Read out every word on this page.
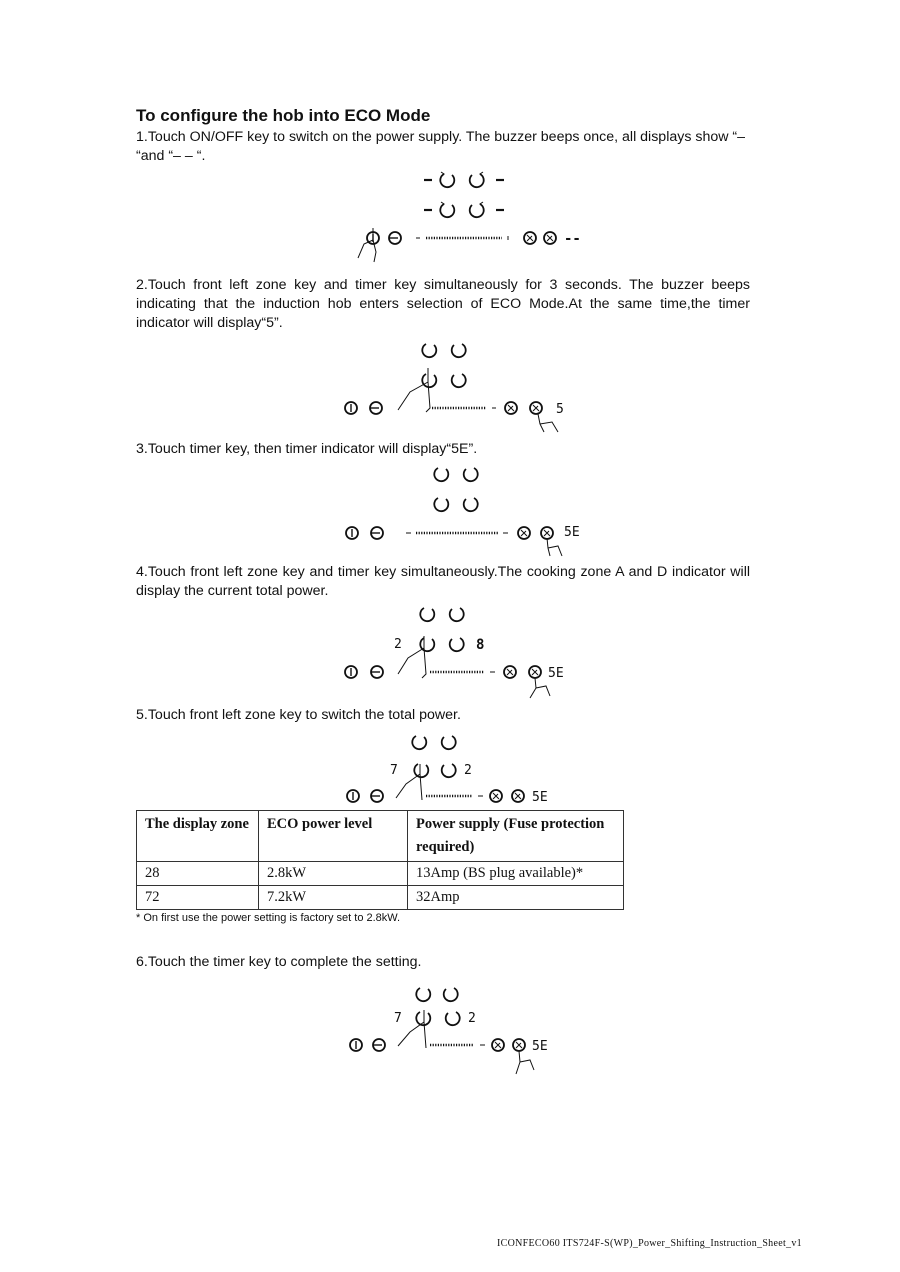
To configure the hob into ECO Mode
1.Touch ON/OFF key to switch on the power supply. The buzzer beeps once, all displays show “– “and “– – “.
--
2.Touch front left zone key and timer key simultaneously for 3 seconds. The buzzer beeps indicating that the induction hob enters selection of ECO Mode.At the same time,the timer indicator will display“5”.
5
3.Touch timer key, then timer indicator will display“5E”.
5E
4.Touch front left zone key and timer key simultaneously.The cooking zone A and D indicator will display the current total power.
2	8
5E
5.Touch front left zone key to switch the total power.
7	2
5E
The display zone	ECO power level	Power supply (Fuse protection required)
28	2.8kW	13Amp (BS plug available)*
72	7.2kW	32Amp
* On first use the power setting is factory set to 2.8kW.
6.Touch the timer key to complete the setting.
7	2
5E
ICONFECO60 ITS724F-S(WP)_Power_Shifting_Instruction_Sheet_v1
